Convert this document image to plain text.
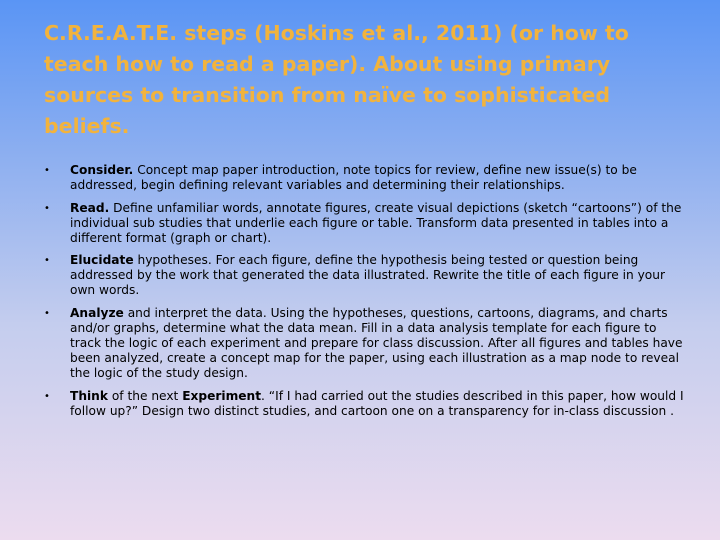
C.R.E.A.T.E. steps (Hoskins et al., 2011) (or how to teach how to read a paper). About using primary sources to transition from naïve to sophisticated beliefs.
• Consider. Concept map paper introduction, note topics for review, define new issue(s) to be addressed, begin defining relevant variables and determining their relationships.
• Read. Define unfamiliar words, annotate figures, create visual depictions (sketch “cartoons”) of the individual sub studies that underlie each figure or table. Transform data presented in tables into a different format (graph or chart).
• Elucidate hypotheses. For each figure, define the hypothesis being tested or question being addressed by the work that generated the data illustrated. Rewrite the title of each figure in your own words.
• Analyze and interpret the data. Using the hypotheses, questions, cartoons, diagrams, and charts and/or graphs, determine what the data mean. Fill in a data analysis template for each figure to track the logic of each experiment and prepare for class discussion. After all figures and tables have been analyzed, create a concept map for the paper, using each illustration as a map node to reveal the logic of the study design.
• Think of the next Experiment. “If I had carried out the studies described in this paper, how would I follow up?” Design two distinct studies, and cartoon one on a transparency for in-class discussion .
